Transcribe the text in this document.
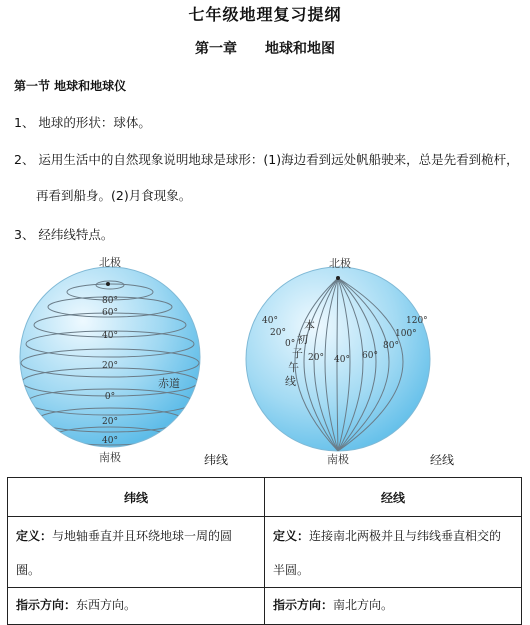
七年级地理复习提纲
第一章 地球和地图
第一节 地球和地球仪
1、 地球的形状：球体。
2、 运用生活中的自然现象说明地球是球形：(1)海边看到远处帆船驶来，总是先看到桅杆，
再看到船身。(2)月食现象。
3、 经纬线特点。
北极
南极
赤道
80°
60°
40°
20°
0°
20°
40°
纬线
北极
南极
本
初
子
午
线
40°
20°
0°
20° 40° 60°
80°
100°
120°
经线
纬线	经线
定义：与地轴垂直并且环绕地球一周的圆圈。	定义：连接南北两极并且与纬线垂直相交的半圆。
指示方向：东西方向。	指示方向：南北方向。
